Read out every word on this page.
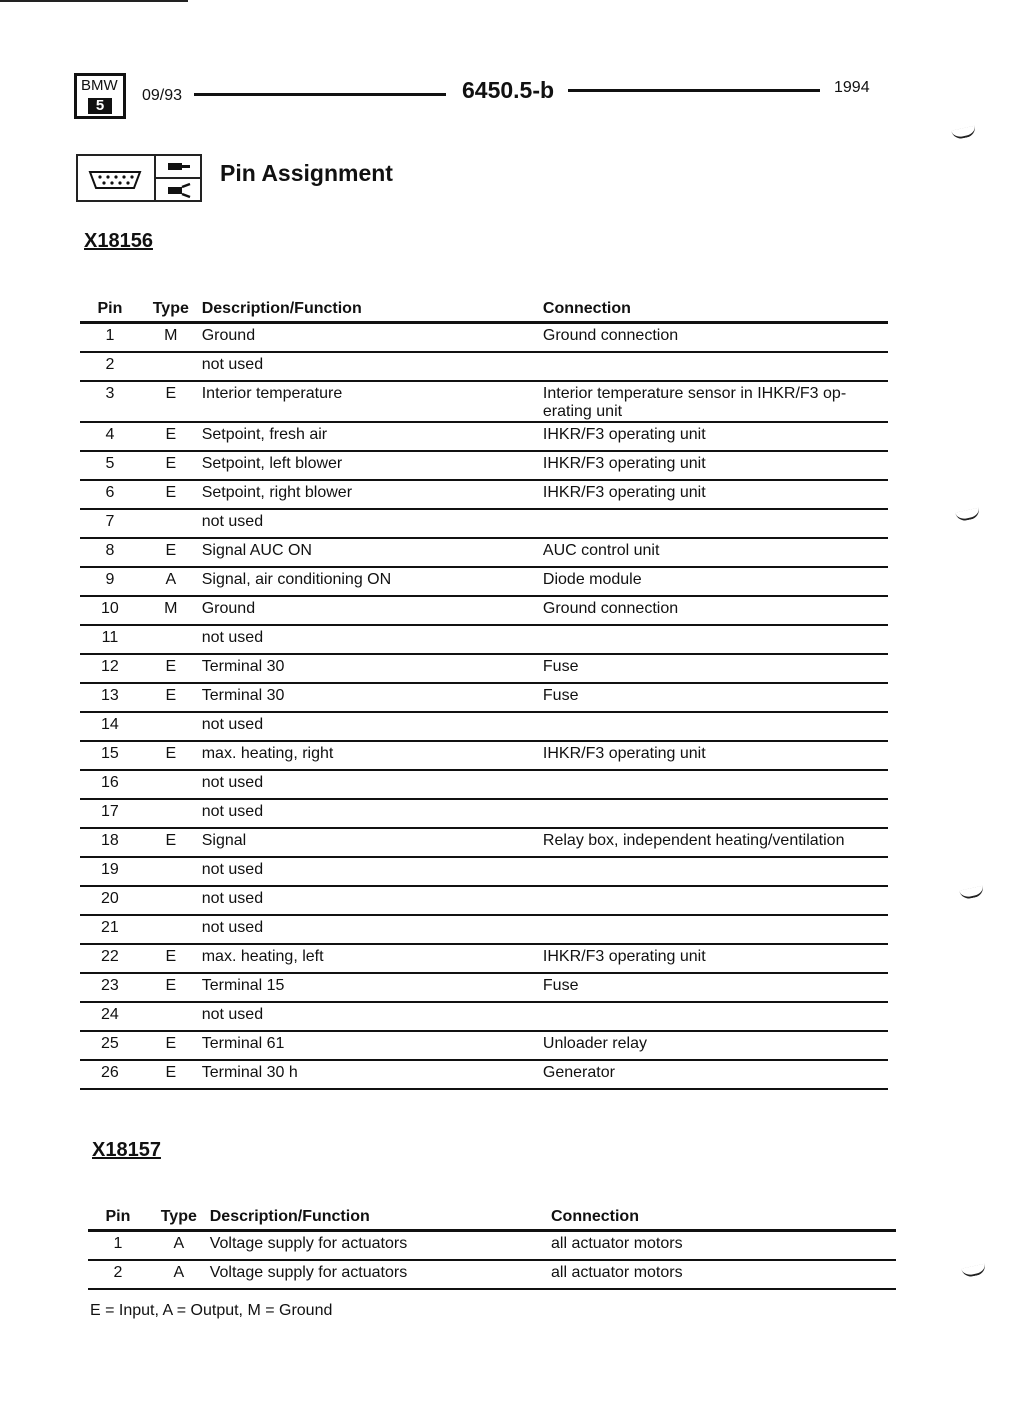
BMW
5
09/93	6450.5-b	1994
Pin Assignment
X18156
Pin	Type	Description/Function	Connection
1	M	Ground	Ground connection
2		not used	
3	E	Interior temperature	Interior temperature sensor in IHKR/F3 op-erating unit
4	E	Setpoint, fresh air	IHKR/F3 operating unit
5	E	Setpoint, left blower	IHKR/F3 operating unit
6	E	Setpoint, right blower	IHKR/F3 operating unit
7		not used	
8	E	Signal AUC ON	AUC control unit
9	A	Signal, air conditioning ON	Diode module
10	M	Ground	Ground connection
11		not used	
12	E	Terminal 30	Fuse
13	E	Terminal 30	Fuse
14		not used	
15	E	max. heating, right	IHKR/F3 operating unit
16		not used	
17		not used	
18	E	Signal	Relay box, independent heating/ventilation
19		not used	
20		not used	
21		not used	
22	E	max. heating, left	IHKR/F3 operating unit
23	E	Terminal 15	Fuse
24		not used	
25	E	Terminal 61	Unloader relay
26	E	Terminal 30 h	Generator
X18157
Pin	Type	Description/Function	Connection
1	A	Voltage supply for actuators	all actuator motors
2	A	Voltage supply for actuators	all actuator motors
E = Input, A = Output, M = Ground
